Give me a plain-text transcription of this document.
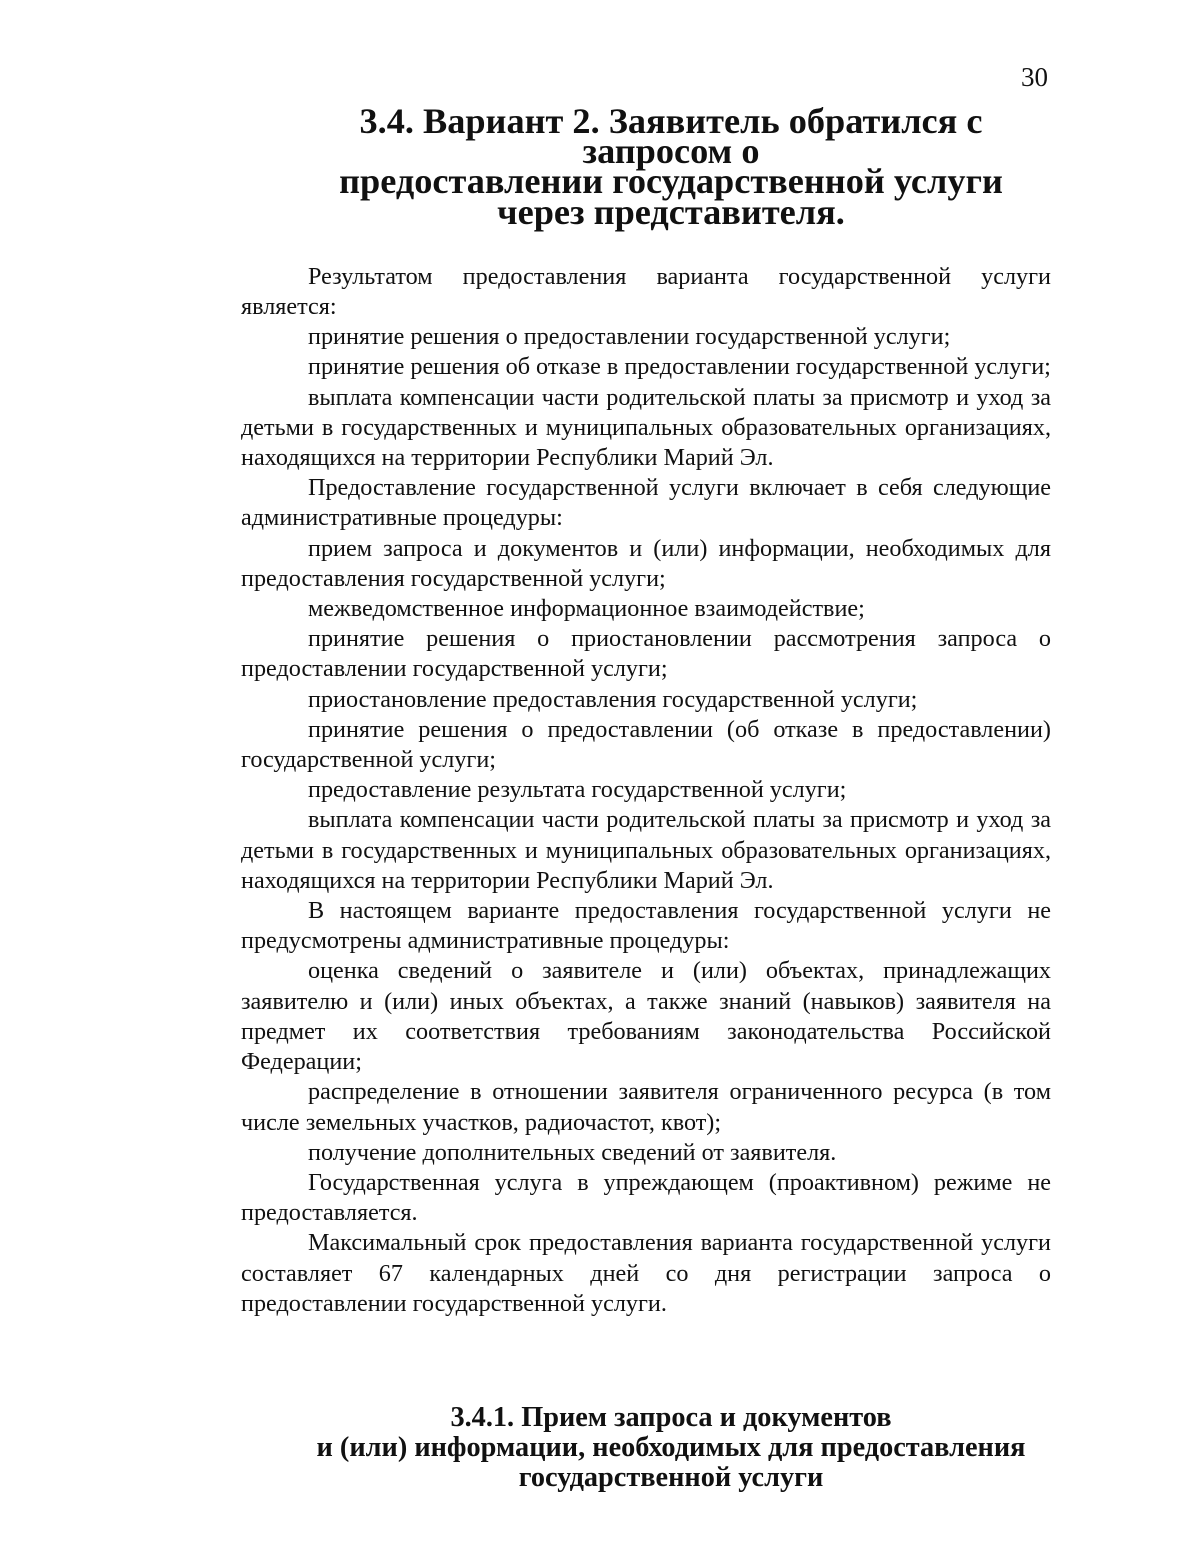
30
3.4. Вариант 2. Заявитель обратился с запросом о
предоставлении государственной услуги через представителя.

Результатом предоставления варианта государственной услуги является:

принятие решения о предоставлении государственной услуги;

принятие решения об отказе в предоставлении государственной услуги;

выплата компенсации части родительской платы за присмотр и уход за детьми в государственных и муниципальных образовательных организациях, находящихся на территории Республики Марий Эл.

Предоставление государственной услуги включает в себя следующие административные процедуры:

прием запроса и документов и (или) информации, необходимых для предоставления государственной услуги;

межведомственное информационное взаимодействие;

принятие решения о приостановлении рассмотрения запроса о предоставлении государственной услуги;

приостановление предоставления государственной услуги;

принятие решения о предоставлении (об отказе в предоставлении) государственной услуги;

предоставление результата государственной услуги;

выплата компенсации части родительской платы за присмотр и уход за детьми в государственных и муниципальных образовательных организациях, находящихся на территории Республики Марий Эл.

В настоящем варианте предоставления государственной услуги не предусмотрены административные процедуры:

оценка сведений о заявителе и (или) объектах, принадлежащих заявителю и (или) иных объектах, а также знаний (навыков) заявителя на предмет их соответствия требованиям законодательства Российской Федерации;

распределение в отношении заявителя ограниченного ресурса (в том числе земельных участков, радиочастот, квот);

получение дополнительных сведений от заявителя.

Государственная услуга в упреждающем (проактивном) режиме не предоставляется.

Максимальный срок предоставления варианта государственной услуги составляет 67 календарных дней со дня регистрации запроса о предоставлении государственной услуги.

3.4.1. Прием запроса и документов
и (или) информации, необходимых для предоставления
государственной услуги
